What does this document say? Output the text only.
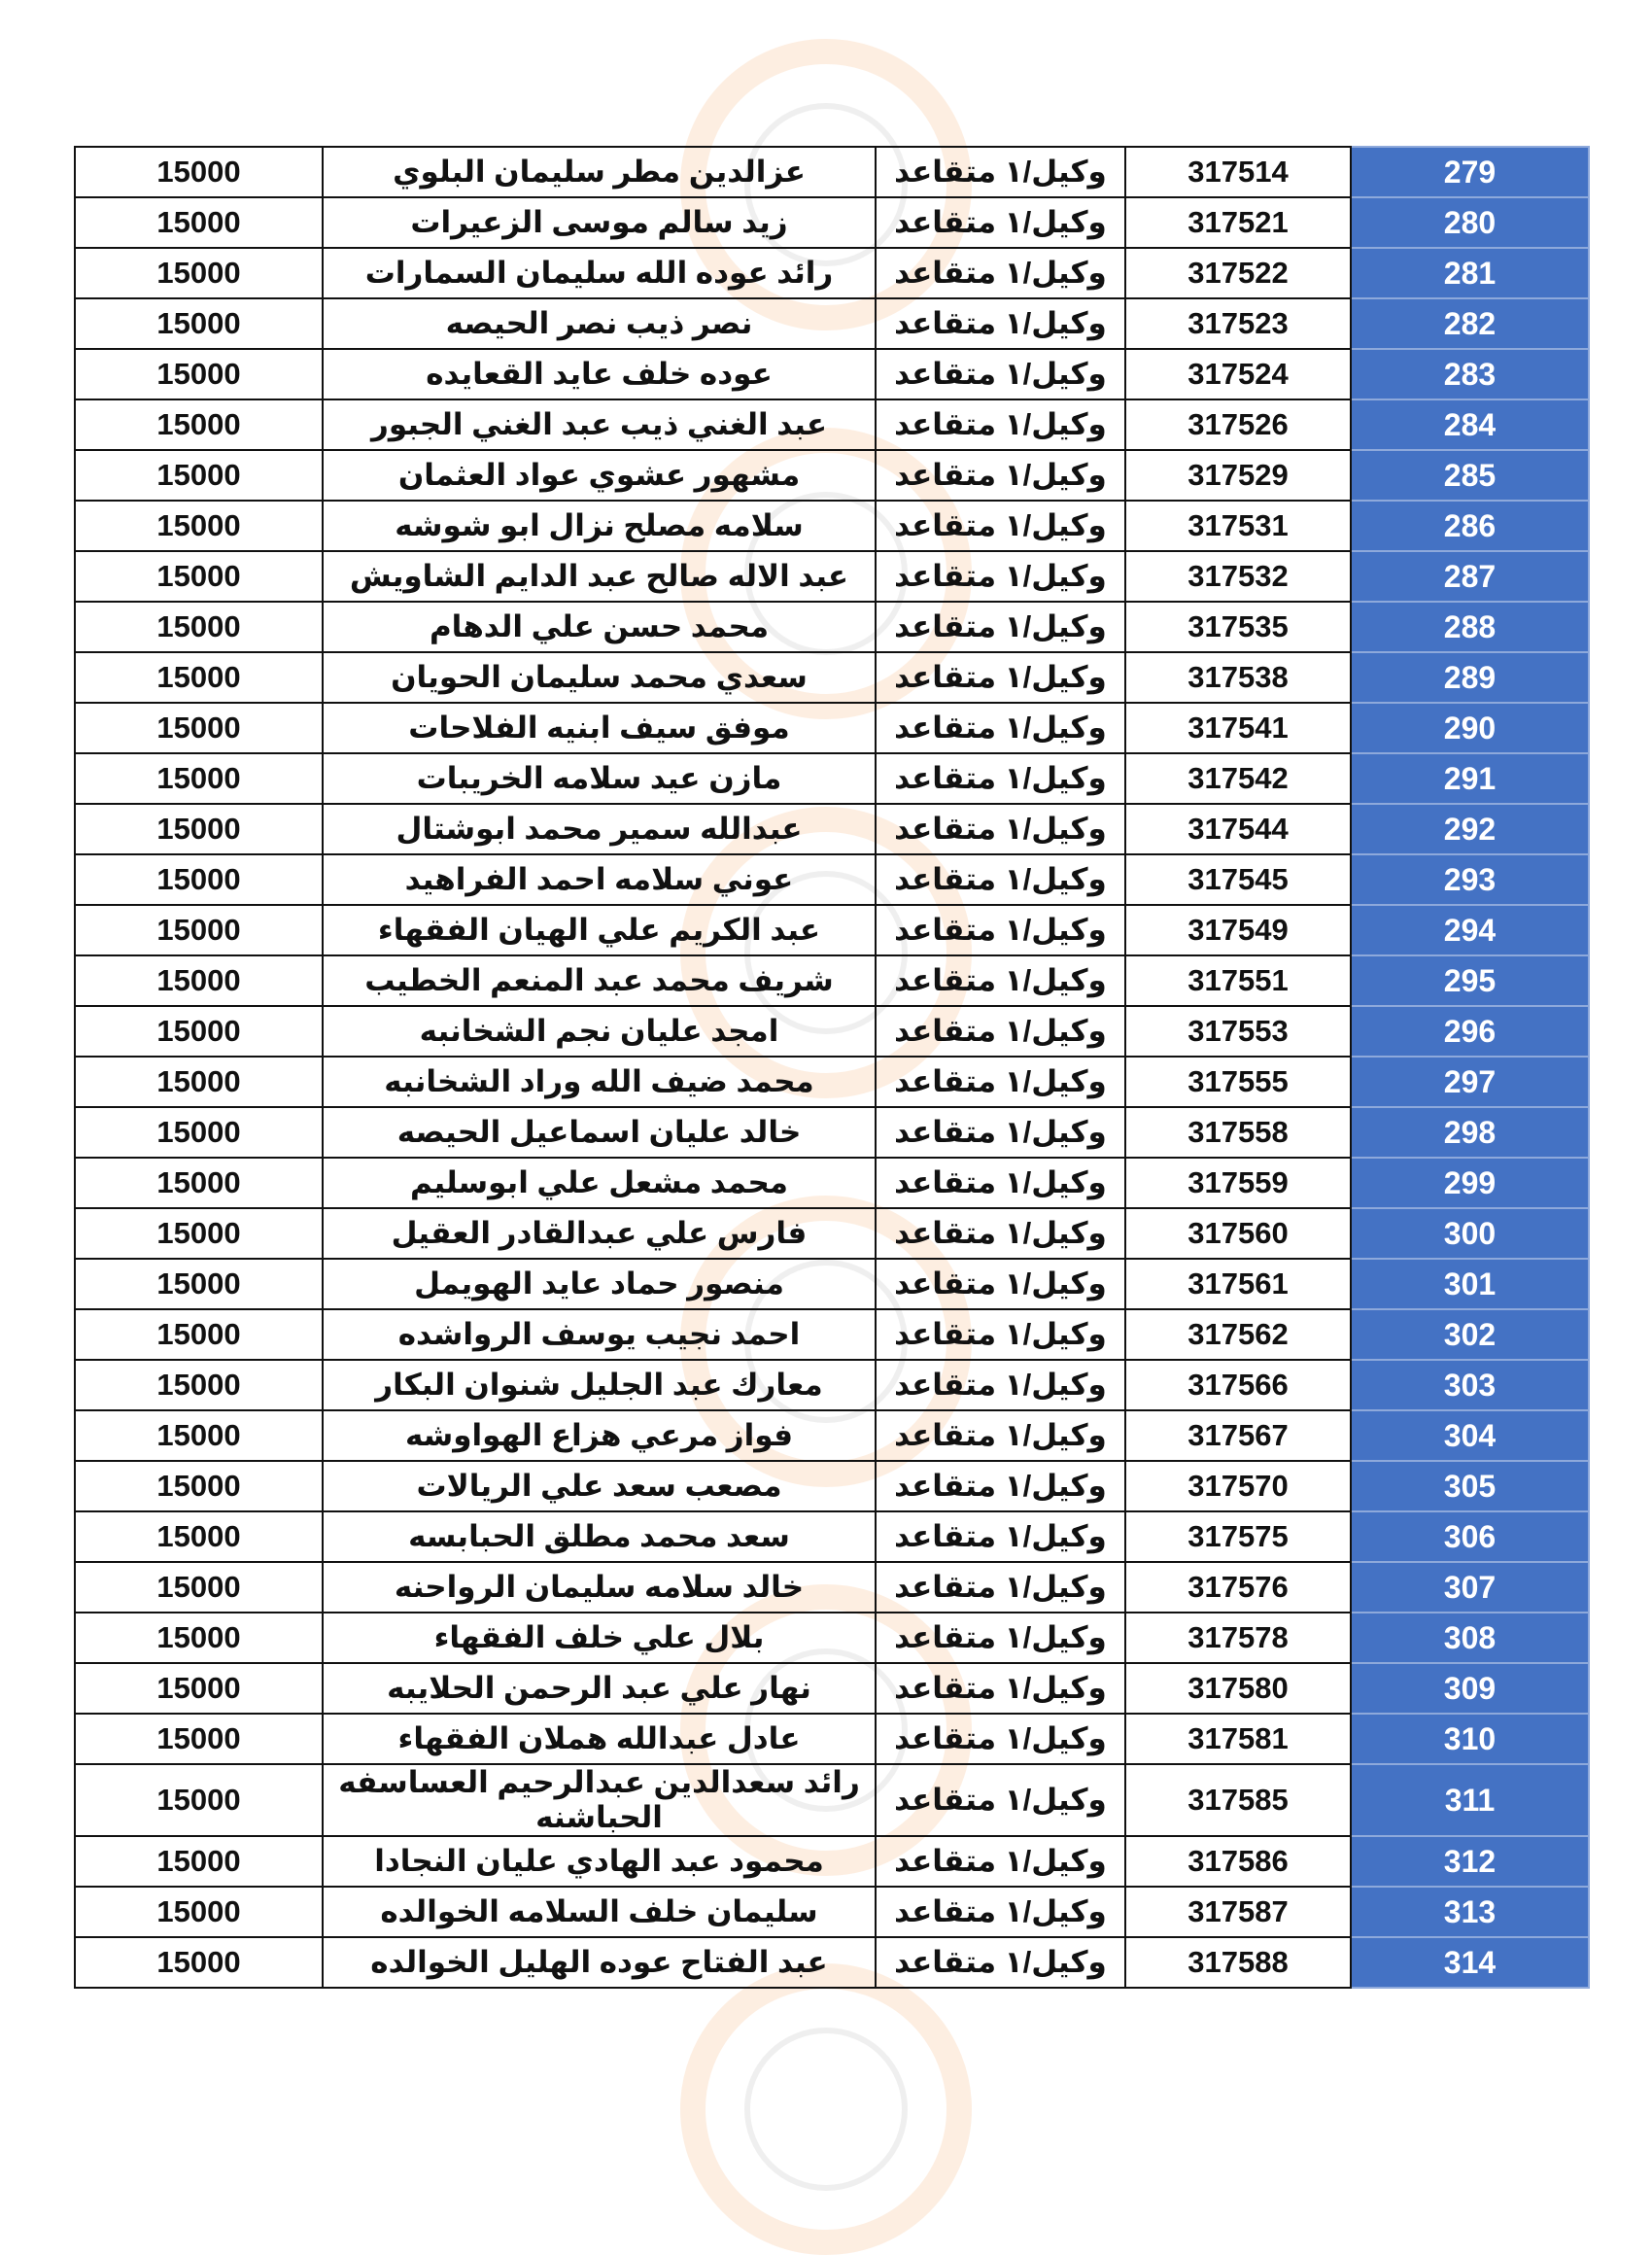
15000	عزالدين مطر سليمان البلوي	وكيل/١ متقاعد	317514	279
15000	زيد سالم موسى الزعيرات	وكيل/١ متقاعد	317521	280
15000	رائد عوده الله سليمان السمارات	وكيل/١ متقاعد	317522	281
15000	نصر ذيب نصر الحيصه	وكيل/١ متقاعد	317523	282
15000	عوده خلف عايد القعايده	وكيل/١ متقاعد	317524	283
15000	عبد الغني ذيب عبد الغني الجبور	وكيل/١ متقاعد	317526	284
15000	مشهور عشوي عواد العثمان	وكيل/١ متقاعد	317529	285
15000	سلامه مصلح نزال ابو شوشه	وكيل/١ متقاعد	317531	286
15000	عبد الاله صالح عبد الدايم الشاويش	وكيل/١ متقاعد	317532	287
15000	محمد حسن علي الدهام	وكيل/١ متقاعد	317535	288
15000	سعدي محمد سليمان الحويان	وكيل/١ متقاعد	317538	289
15000	موفق سيف ابنيه الفلاحات	وكيل/١ متقاعد	317541	290
15000	مازن عيد سلامه الخريبات	وكيل/١ متقاعد	317542	291
15000	عبدالله سمير محمد ابوشتال	وكيل/١ متقاعد	317544	292
15000	عوني سلامه احمد الفراهيد	وكيل/١ متقاعد	317545	293
15000	عبد الكريم علي الهيان الفقهاء	وكيل/١ متقاعد	317549	294
15000	شريف محمد عبد المنعم الخطيب	وكيل/١ متقاعد	317551	295
15000	امجد عليان نجم الشخانبه	وكيل/١ متقاعد	317553	296
15000	محمد ضيف الله وراد الشخانبه	وكيل/١ متقاعد	317555	297
15000	خالد عليان اسماعيل الحيصه	وكيل/١ متقاعد	317558	298
15000	محمد مشعل علي ابوسليم	وكيل/١ متقاعد	317559	299
15000	فارس علي عبدالقادر العقيل	وكيل/١ متقاعد	317560	300
15000	منصور حماد عايد الهويمل	وكيل/١ متقاعد	317561	301
15000	احمد نجيب يوسف الرواشده	وكيل/١ متقاعد	317562	302
15000	معارك عبد الجليل شنوان البكار	وكيل/١ متقاعد	317566	303
15000	فواز مرعي هزاع الهواوشه	وكيل/١ متقاعد	317567	304
15000	مصعب سعد علي الريالات	وكيل/١ متقاعد	317570	305
15000	سعد محمد مطلق الحبابسه	وكيل/١ متقاعد	317575	306
15000	خالد سلامه سليمان الرواحنه	وكيل/١ متقاعد	317576	307
15000	بلال علي خلف الفقهاء	وكيل/١ متقاعد	317578	308
15000	نهار علي عبد الرحمن الحلايبه	وكيل/١ متقاعد	317580	309
15000	عادل عبدالله هملان الفقهاء	وكيل/١ متقاعد	317581	310
15000	رائد سعدالدين عبدالرحيم العساسفه الحباشنه	وكيل/١ متقاعد	317585	311
15000	محمود عبد الهادي عليان النجادا	وكيل/١ متقاعد	317586	312
15000	سليمان خلف السلامه الخوالده	وكيل/١ متقاعد	317587	313
15000	عبد الفتاح عوده الهليل الخوالده	وكيل/١ متقاعد	317588	314
